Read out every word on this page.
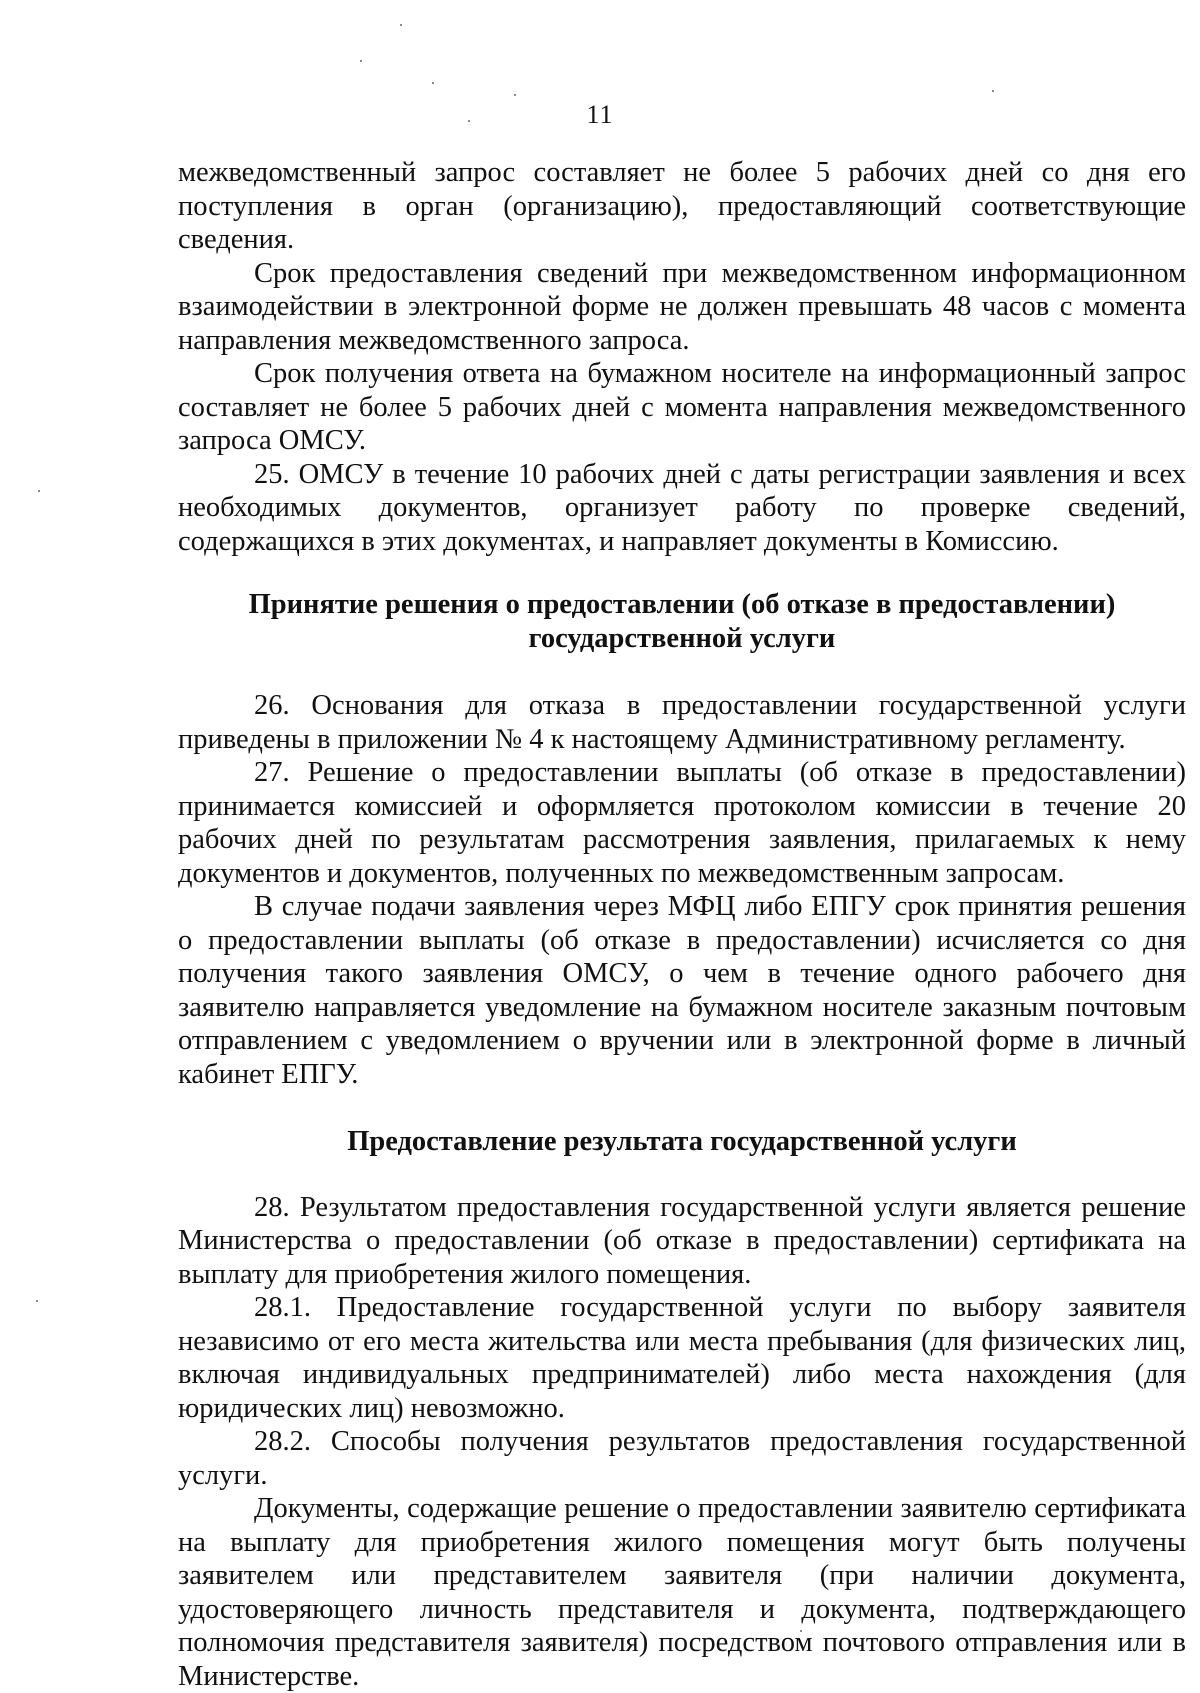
11

межведомственный запрос составляет не более 5 рабочих дней со дня его поступления в орган (организацию), предоставляющий соответствующие сведения.

Срок предоставления сведений при межведомственном информационном взаимодействии в электронной форме не должен превышать 48 часов с момента направления межведомственного запроса.

Срок получения ответа на бумажном носителе на информационный запрос составляет не более 5 рабочих дней с момента направления межведомственного запроса ОМСУ.

25. ОМСУ в течение 10 рабочих дней с даты регистрации заявления и всех необходимых документов, организует работу по проверке сведений, содержащихся в этих документах, и направляет документы в Комиссию.

Принятие решения о предоставлении (об отказе в предоставлении)

государственной услуги

26. Основания для отказа в предоставлении государственной услуги приведены в приложении № 4 к настоящему Административному регламенту.

27. Решение о предоставлении выплаты (об отказе в предоставлении) принимается комиссией и оформляется протоколом комиссии в течение 20 рабочих дней по результатам рассмотрения заявления, прилагаемых к нему документов и документов, полученных по межведомственным запросам.

В случае подачи заявления через МФЦ либо ЕПГУ срок принятия решения о предоставлении выплаты (об отказе в предоставлении) исчисляется со дня получения такого заявления ОМСУ, о чем в течение одного рабочего дня заявителю направляется уведомление на бумажном носителе заказным почтовым отправлением с уведомлением о вручении или в электронной форме в личный кабинет ЕПГУ.

Предоставление результата государственной услуги

28. Результатом предоставления государственной услуги является решение Министерства о предоставлении (об отказе в предоставлении) сертификата на выплату для приобретения жилого помещения.

28.1. Предоставление государственной услуги по выбору заявителя независимо от его места жительства или места пребывания (для физических лиц, включая индивидуальных предпринимателей) либо места нахождения (для юридических лиц) невозможно.

28.2. Способы получения результатов предоставления государственной услуги.

Документы, содержащие решение о предоставлении заявителю сертификата на выплату для приобретения жилого помещения могут быть получены заявителем или представителем заявителя (при наличии документа, удостоверяющего личность представителя и документа, подтверждающего полномочия представителя заявителя) посредством почтового отправления или в Министерстве.
